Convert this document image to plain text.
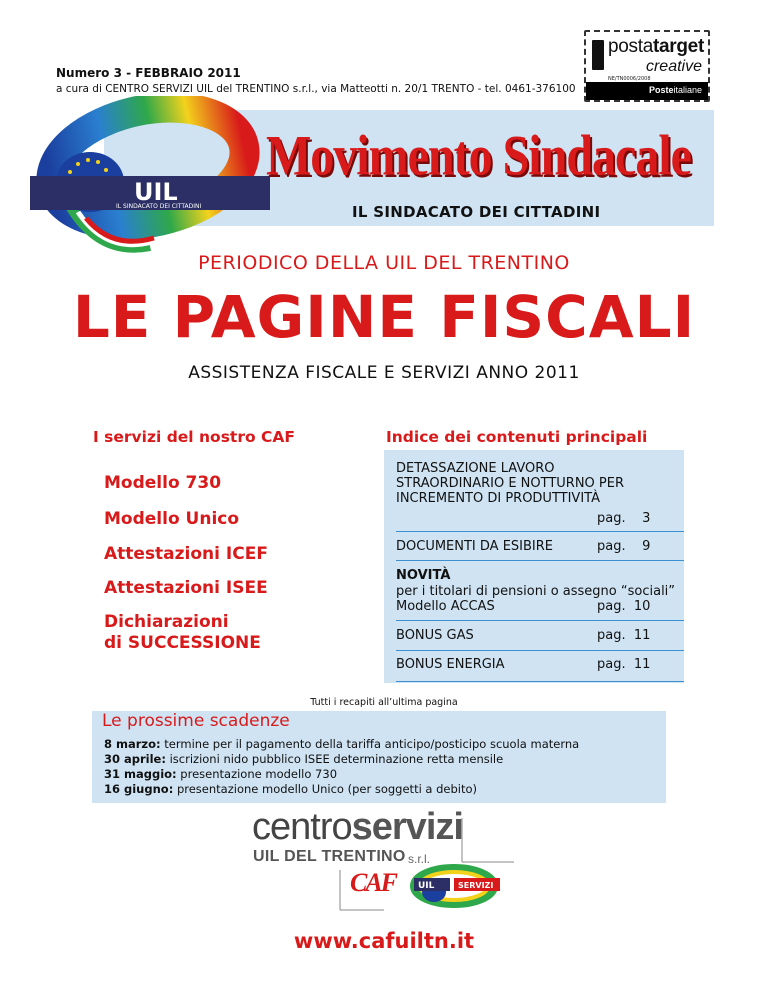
Numero 3 - FEBBRAIO 2011
a cura di CENTRO SERVIZI UIL del TRENTINO s.r.l., via Matteotti n. 20/1 TRENTO - tel. 0461-376100
postatarget
creative
NE/TN0006/2008
Posteitaliane
UIL
IL SINDACATO DEI CITTADINI
Movimento Sindacale
IL SINDACATO DEI CITTADINI
PERIODICO DELLA UIL DEL TRENTINO
LE PAGINE FISCALI
ASSISTENZA FISCALE E SERVIZI ANNO 2011
I servizi del nostro CAF
Modello 730
Modello Unico
Attestazioni ICEF
Attestazioni ISEE
Dichiarazioni
di SUCCESSIONE
Indice dei contenuti principali
DETASSAZIONE LAVORO
STRAORDINARIO E NOTTURNO PER
INCREMENTO DI PRODUTTIVITÀ
pag.    3
DOCUMENTI DA ESIBIRE	pag.    9
NOVITÀ
per i titolari di pensioni o assegno “sociali”
Modello ACCAS	pag.  10
BONUS GAS	pag.  11
BONUS ENERGIA	pag.  11
Tutti i recapiti all’ultima pagina
Le prossime scadenze
8 marzo: termine per il pagamento della tariffa anticipo/posticipo scuola materna
30 aprile: iscrizioni nido pubblico ISEE determinazione retta mensile
31 maggio: presentazione modello 730
16 giugno: presentazione modello Unico (per soggetti a debito)
UIL	SERVIZI
centroservizi
UIL DEL TRENTINO s.r.l.
CAF
www.cafuiltn.it
